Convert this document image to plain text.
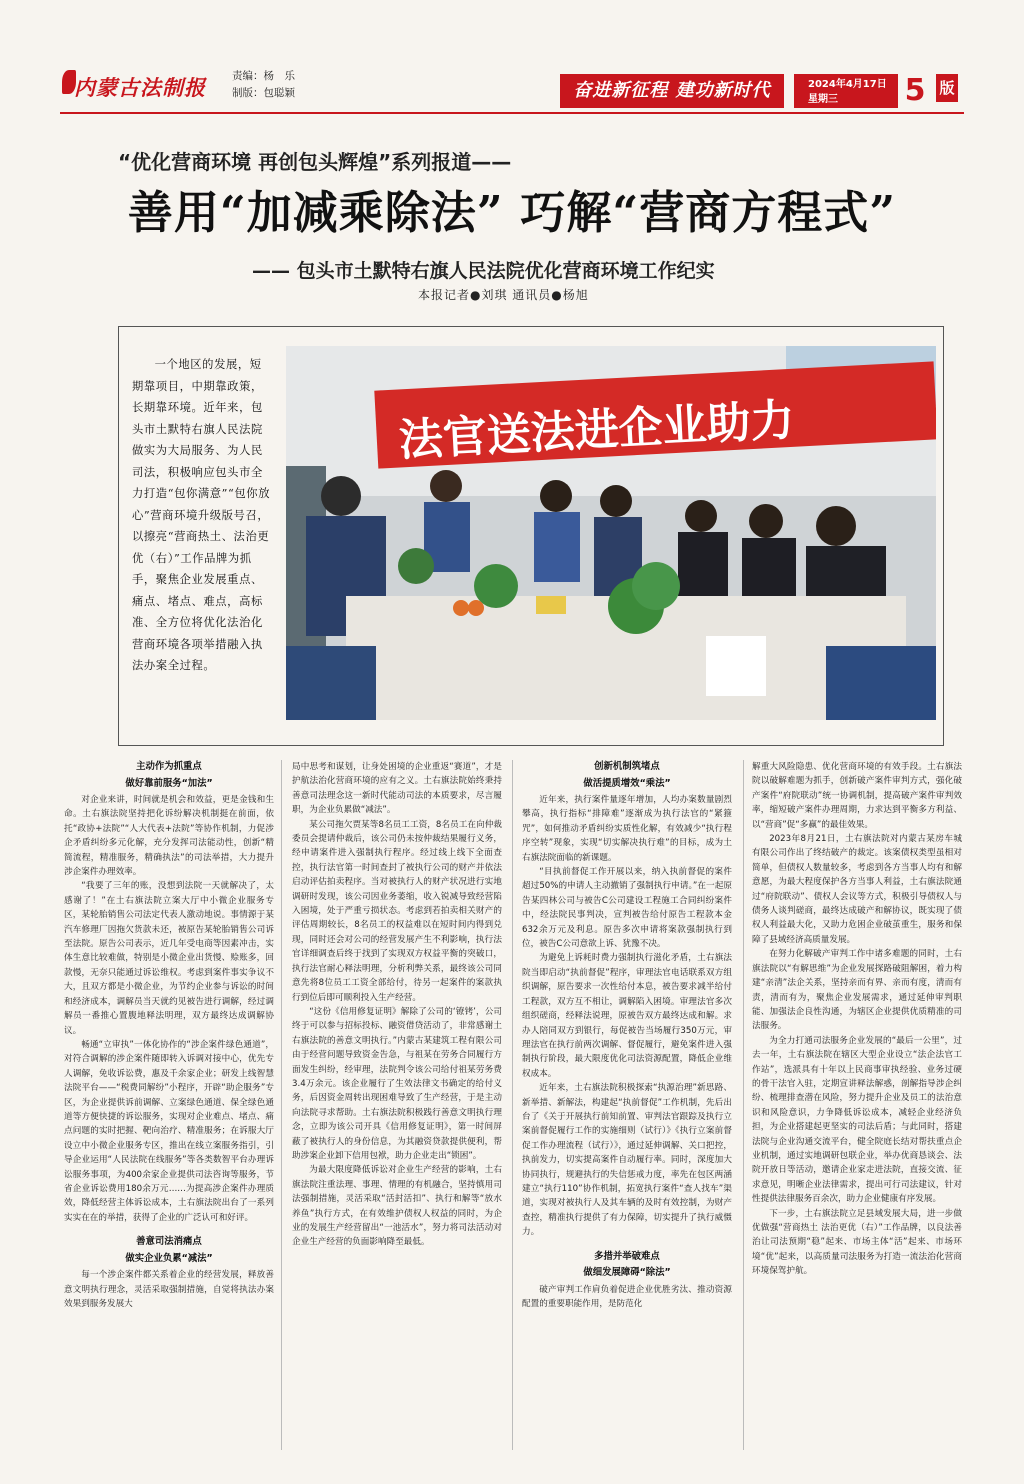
内蒙古法制报 责编：杨　乐
制版：包聪颖	奋进新征程 建功新时代	2024年4月17日
星期三	5 版
“优化营商环境 再创包头辉煌”系列报道——
善用“加减乘除法” 巧解“营商方程式”
—— 包头市土默特右旗人民法院优化营商环境工作纪实
本报记者●刘琪 通讯员●杨旭
一个地区的发展，短期靠项目，中期靠政策，长期靠环境。近年来，包头市土默特右旗人民法院做实为大局服务、为人民司法，积极响应包头市全力打造“包你满意”“包你放心”营商环境升级版号召，以擦亮“营商热土、法治更优（右）”工作品牌为抓手，聚焦企业发展重点、痛点、堵点、难点，高标准、全方位将优化法治化营商环境各项举措融入执法办案全过程。
法官送法进企业助力
主动作为抓重点
做好靠前服务“加法”

对企业来讲，时间就是机会和效益，更是金钱和生命。土右旗法院坚持把化诉纷解决机制挺在前面，依托“政协+法院”“人大代表+法院”等协作机制，力促涉企矛盾纠纷多元化解，充分发挥司法能动性，创新“精简流程，精准服务，精确执法”的司法举措，大力提升涉企案件办理效率。

“我要了三年的账，没想到法院一天就解决了，太感谢了！”在土右旗法院立案大厅中小微企业服务专区，某轮胎销售公司法定代表人激动地说。事情源于某汽车修理厂因拖欠货款未还，被原告某轮胎销售公司诉至法院。原告公司表示，近几年受电商等因素冲击，实体生意比较难做，特别是小微企业出货慢、赊账多，回款慢，无奈只能通过诉讼维权。考虑到案件事实争议不大，且双方都是小微企业，为节约企业参与诉讼的时间和经济成本，调解员当天就约见被告进行调解，经过调解员一番推心置腹地释法明理，双方最终达成调解协议。

畅通“立审执”一体化协作的“涉企案件绿色通道”，对符合调解的涉企案件随即转入诉调对接中心，优先专人调解，免收诉讼费，惠及千余家企业；研发上线智慧法院平台——“税费同解纷”小程序，开辟“助企服务”专区，为企业提供诉前调解、立案绿色通道、保全绿色通道等方便快捷的诉讼服务，实现对企业难点、堵点、痛点问题的实时把握、靶向治疗、精准服务；在诉服大厅设立中小微企业服务专区，推出在线立案服务指引，引导企业运用“人民法院在线服务”等各类数智平台办理诉讼服务事项，为400余家企业提供司法咨询等服务，节省企业诉讼费用180余万元……为提高涉企案件办理质效，降低经营主体诉讼成本，土右旗法院出台了一系列实实在在的举措，获得了企业的广泛认可和好评。

善意司法消痛点
做实企业负累“减法”

每一个涉企案件都关系着企业的经营发展，释放善意文明执行理念，灵活采取强制措施，自觉将执法办案效果到服务发展大

局中思考和谋划，让身处困境的企业重返“赛道”，才是护航法治化营商环境的应有之义。土右旗法院始终秉持善意司法理念这一新时代能动司法的本质要求，尽言履职，为企业负累做“减法”。

某公司拖欠贾某等8名员工工资，8名员工在向仲裁委员会提请仲裁后，该公司仍未按仲裁结果履行义务，经申请案件进入强制执行程序。经过线上线下全面查控，执行法官第一时间查封了被执行公司的财产并依法启动评估拍卖程序。当对被执行人的财产状况进行实地调研时发现，该公司因业务萎缩，收入锐减导致经营陷入困境，处于严重亏损状态。考虑到若拍卖相关财产的评估周期较长，8名员工的权益难以在短时间内得到兑现，同时还会对公司的经营发展产生不利影响，执行法官详细调查后终于找到了实现双方权益平衡的突破口，执行法官耐心释法明理，分析利弊关系，最终该公司同意先将8位员工工资全部给付，待另一起案件的案款执行到位后即可顺利投入生产经营。

“这份《信用修复证明》解除了公司的‘镣铐’，公司终于可以参与招标投标、融资借贷活动了，非常感谢土右旗法院的善意文明执行。”内蒙古某建筑工程有限公司由于经营问题导致资金告急，与祖某在劳务合同履行方面发生纠纷，经审理，法院判令该公司给付祖某劳务费3.4万余元。该企业履行了生效法律文书确定的给付义务，后因资金周转出现困难导致了生产经营，于是主动向法院寻求帮助。土右旗法院积极践行善意文明执行理念，立即为该公司开具《信用修复证明》，第一时间屏蔽了被执行人的身份信息，为其融资贷款提供便利，帮助涉案企业卸下信用包袱，助力企业走出“锁困”。

为最大限度降低诉讼对企业生产经营的影响，土右旗法院注重法理、事理、情理的有机融合，坚持慎用司法强制措施，灵活采取“活封活扣”、执行和解等“放水养鱼”执行方式，在有效维护债权人权益的同时，为企业的发展生产经营留出“一池活水”，努力将司法活动对企业生产经营的负面影响降至最低。

创新机制筑堵点
做活提质增效“乘法”

近年来，执行案件量逐年增加，人均办案数量剧烈攀高，执行指标“排障难”逐渐成为执行法官的“紧箍咒”，如何推动矛盾纠纷实质性化解，有效减少“执行程序空转”现象，实现“切实解决执行难”的目标，成为土右旗法院面临的新课题。

“目执前督促工作开展以来，纳入执前督促的案件超过50%的申请人主动撤销了强制执行申请。”在一起原告某四林公司与被告C公司建设工程施工合同纠纷案件中，经法院民事判决，宣判被告给付原告工程款本金632余万元及利息。原告多次申请将案款强制执行到位，被告C公司意欲上诉、犹豫不决。

为避免上诉耗时费力强制执行滋化矛盾，土右旗法院当即启动“执前督促”程序，审理法官电话联系双方组织调解，原告要求一次性给付本息，被告要求减半给付工程款，双方互不相让，调解陷入困境。审理法官多次组织磋商，经释法说理，原被告双方最终达成和解。求办人陪同双方到银行，每促被告当场履行350万元，审理法官在执行前两次调解、督促履行，避免案件进入强制执行阶段，最大限度优化司法资源配置，降低企业维权成本。

近年来，土右旗法院积极探索“执源治理”新思路、新举措、新解法，构建起“执前督促”工作机制，先后出台了《关于开展执行前知前置、审判法官跟踪及执行立案前督促履行工作的实施细则（试行）》《执行立案前督促工作办理流程（试行）》，通过延伸调解、关口把控，执前发力，切实提高案件自动履行率。同时，深度加大协同执行，规避执行的失信惩戒力度，率先在包区两涵建立“执行110”协作机制，拓宽执行案件“查人找车”渠道，实现对被执行人及其车辆的及时有效控制，为财产查控，精准执行提供了有力保障，切实提升了执行威慑力。

多措并举破难点
做细发展障碍“除法”

破产审判工作肩负着促进企业优胜劣汰、推动资源配置的重要职能作用，是防范化

解重大风险隐患、优化营商环境的有效手段。土右旗法院以破解难题为抓手，创新破产案件审判方式，强化破产案件“府院联动”统一协调机制，提高破产案件审判效率，缩短破产案件办理周期，力求达到平衡多方利益、以“营商”促“多赢”的最佳效果。

2023年8月21日，土右旗法院对内蒙古某房车城有限公司作出了终结破产的裁定。该案债权类型虽相对简单，但债权人数量较多，考虑到各方当事人均有和解意愿，为最大程度保护各方当事人利益，土右旗法院通过“府院联动”、债权人会议等方式，积极引导债权人与债务人谈判磋商，最终达成破产和解协议，既实现了债权人利益最大化，又助力危困企业破茧重生，服务和保障了县域经济高质量发展。

在努力化解破产审判工作中诸多难题的同时，土右旗法院以“有解思维”为企业发展探路破阻解困，着力构建“亲清”法企关系，坚持亲而有界、亲而有度，清而有责，清而有为，聚焦企业发展需求，通过延伸审判职能、加强法企良性沟通，为辖区企业提供优质精准的司法服务。

为全力打通司法服务企业发展的“最后一公里”，过去一年，土右旗法院在辖区大型企业设立“法企法官工作站”，选派具有十年以上民商事审执经验、业务过硬的骨干法官入驻，定期宣讲释法解惑，剖解指导涉企纠纷、梳理排查潜在风险，努力提升企业及员工的法治意识和风险意识，力争降低诉讼成本，减轻企业经济负担，为企业搭建起更坚实的司法后盾；与此同时，搭建法院与企业沟通交流平台，健全院庭长结对帮扶重点企业机制，通过实地调研包联企业，举办优商恳谈会、法院开放日等活动，邀请企业家走进法院，直接交流、征求意见，明晰企业法律需求，提出可行司法建议，针对性提供法律服务百余次，助力企业健康有序发展。

下一步，土右旗法院立足县域发展大局，进一步做优做强“营商热土 法治更优（右）”工作品牌，以良法善治让司法预期“稳”起来、市场主体“活”起来、市场环境“优”起来，以高质量司法服务为打造一流法治化营商环境保驾护航。
